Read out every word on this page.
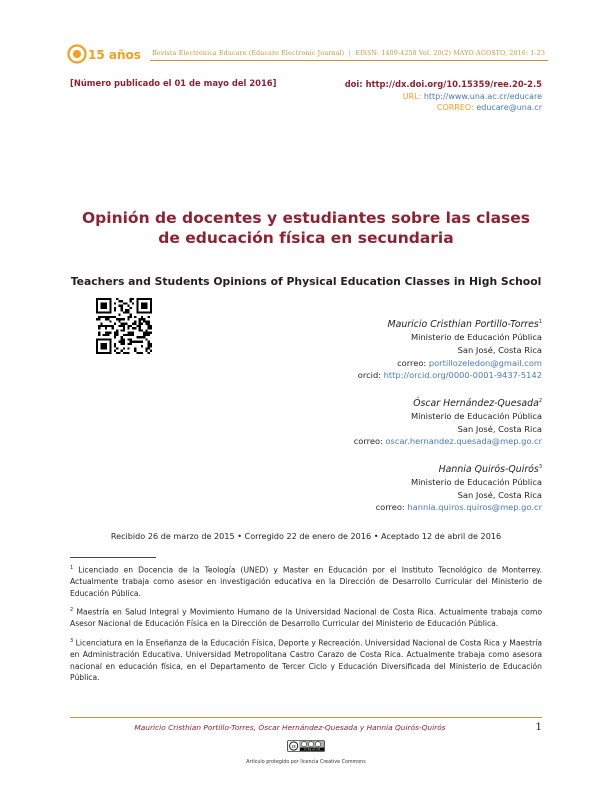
15 años Revista Electrónica Educare (Educare Electronic Journal)  |  EISSN: 1409-4258 Vol. 20(2) MAYO-AGOSTO, 2016: 1-23
[Número publicado el 01 de mayo del 2016]	doi: http://dx.doi.org/10.15359/ree.20-2.5
URL: http://www.una.ac.cr/educare
CORREO: educare@una.cr
Opinión de docentes y estudiantes sobre las clases
de educación física en secundaria
Teachers and Students Opinions of Physical Education Classes in High School
Mauricio Cristhian Portillo-Torres$^1$
Ministerio de Educación Pública
San José, Costa Rica
correo: portillozeledon@gmail.com
orcid: http://orcid.org/0000-0001-9437-5142
Óscar Hernández-Quesada$^2$
Ministerio de Educación Pública
San José, Costa Rica
correo: oscar.hernandez.quesada@mep.go.cr
Hannia Quirós-Quirós$^3$
Ministerio de Educación Pública
San José, Costa Rica
correo: hannia.quiros.quiros@mep.go.cr
Recibido 26 de marzo de 2015 • Corregido 22 de enero de 2016 • Aceptado 12 de abril de 2016
$^1$ Licenciado en Docencia de la Teología (UNED) y Master en Educación por el Instituto Tecnológico de Monterrey. Actualmente trabaja como asesor en investigación educativa en la Dirección de Desarrollo Curricular del Ministerio de Educación Pública.
$^2$ Maestría en Salud Integral y Movimiento Humano de la Universidad Nacional de Costa Rica. Actualmente trabaja como Asesor Nacional de Educación Física en la Dirección de Desarrollo Curricular del Ministerio de Educación Pública.
$^3$ Licenciatura en la Enseñanza de la Educación Física, Deporte y Recreación. Universidad Nacional de Costa Rica y Maestría en Administración Educativa. Universidad Metropolitana Castro Carazo de Costa Rica. Actualmente trabaja como asesora nacional en educación física, en el Departamento de Tercer Ciclo y Educación Diversificada del Ministerio de Educación Pública.
Mauricio Cristhian Portillo-Torres, Óscar Hernández-Quesada y Hannia Quirós-Quirós	1
cc
cc by nc nd
Artículo protegido por licencia Creative Commons
